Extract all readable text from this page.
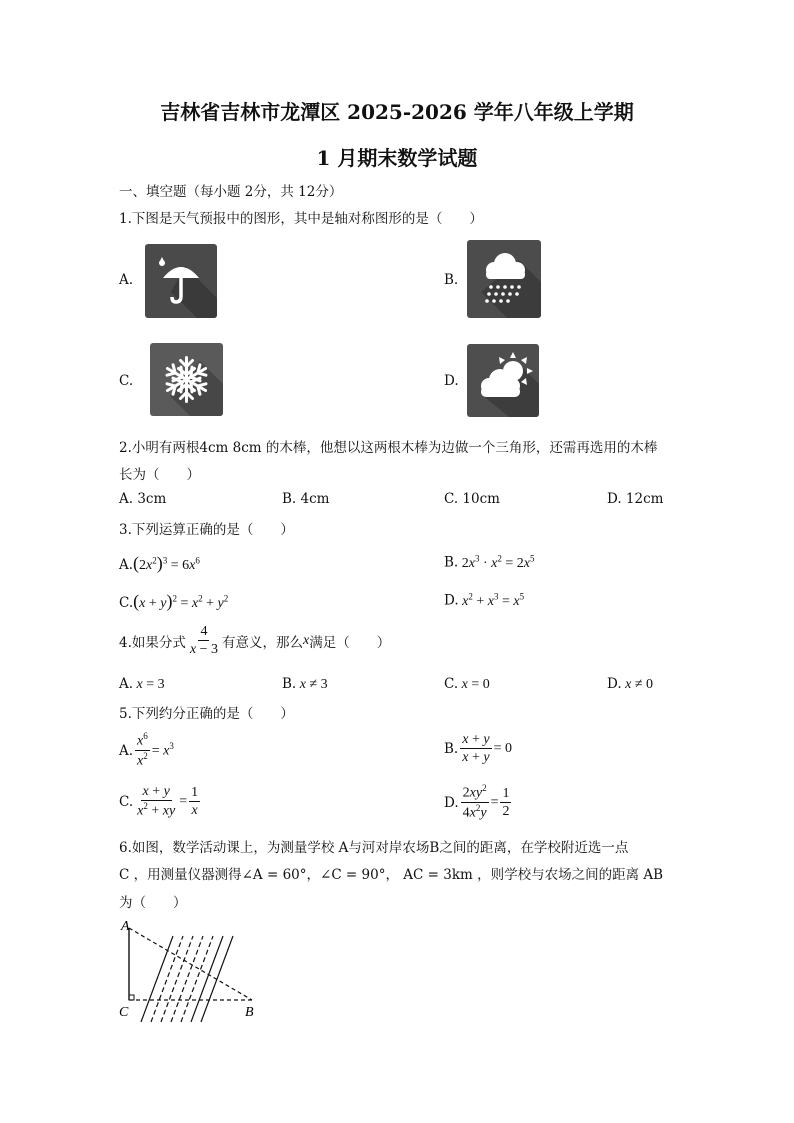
吉林省吉林市龙潭区 2025-2026 学年八年级上学期
1 月期末数学试题
一、填空题（每小题 2分，共 12分）
1.下图是天气预报中的图形，其中是轴对称图形的是（　　）
A.	B.
C.	D.
2.小明有两根4cm 8cm 的木棒，他想以这两根木棒为边做一个三角形，还需再选用的木棒
长为（　　）
A. 3cm	B. 4cm	C. 10cm	D. 12cm
3.下列运算正确的是（　　）
$A.(2x^2)^3 = 6x^6$	B. $2x^3 \cdot x^2 = 2x^5$
$C.(x + y)^2 = x^2 + y^2$	D. $x^2 + x^3 = x^5$
4.如果分式 $\frac{4}{x - 3}$ 有意义，那么 x 满足（　　）
A. x = 3	B. x ≠ 3	C. x = 0	D. x ≠ 0
5.下列约分正确的是（　　）
A. $\frac{x^6}{x^2} = x^3$	B. $\frac{x + y}{x + y} = 0$
C. $\frac{x + y}{x^2 + xy} = \frac{1}{x}$	D. $\frac{2xy^2}{4x^2y} = \frac{1}{2}$
6.如图，数学活动课上，为测量学校 A与河对岸农场B之间的距离，在学校附近选一点
C ，用测量仪器测得∠A = 60°，∠C = 90°， AC = 3km ，则学校与农场之间的距离 AB
为（　　）
A
C	B
